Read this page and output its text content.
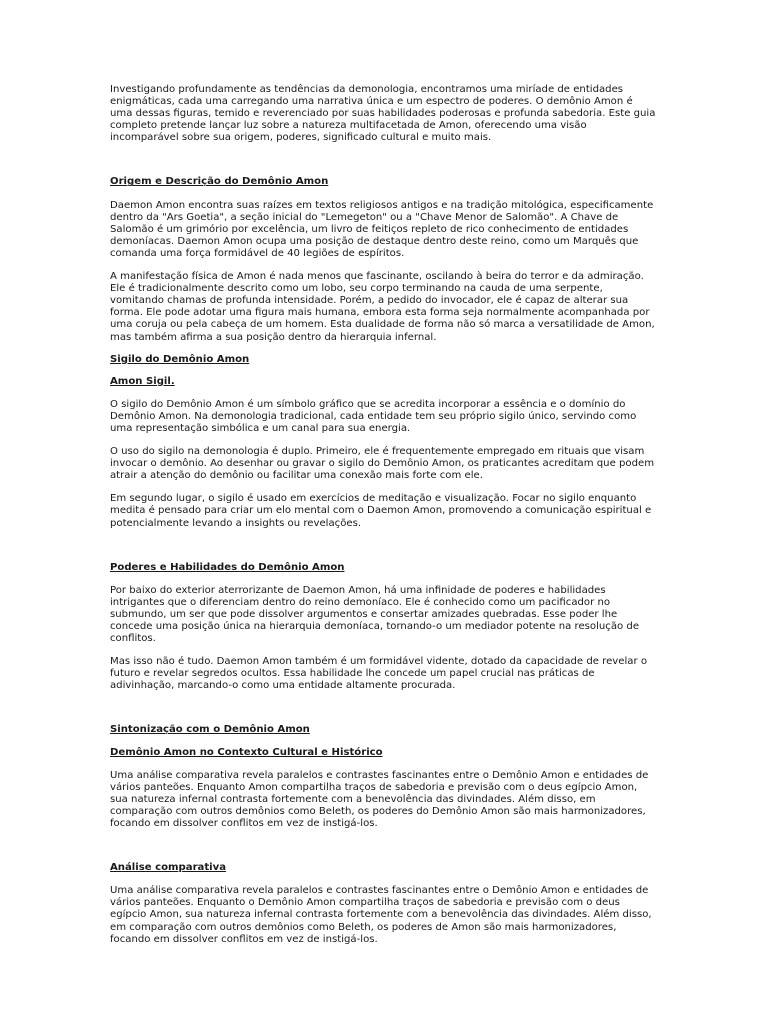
Investigando profundamente as tendências da demonologia, encontramos uma miríade de entidades enigmáticas, cada uma carregando uma narrativa única e um espectro de poderes. O demônio Amon é uma dessas figuras, temido e reverenciado por suas habilidades poderosas e profunda sabedoria. Este guia completo pretende lançar luz sobre a natureza multifacetada de Amon, oferecendo uma visão incomparável sobre sua origem, poderes, significado cultural e muito mais.

Origem e Descrição do Demônio Amon

Daemon Amon encontra suas raízes em textos religiosos antigos e na tradição mitológica, especificamente dentro da "Ars Goetia", a seção inicial do "Lemegeton" ou a "Chave Menor de Salomão". A Chave de Salomão é um grimório por excelência, um livro de feitiços repleto de rico conhecimento de entidades demoníacas. Daemon Amon ocupa uma posição de destaque dentro deste reino, como um Marquês que comanda uma força formidável de 40 legiões de espíritos.

A manifestação física de Amon é nada menos que fascinante, oscilando à beira do terror e da admiração. Ele é tradicionalmente descrito como um lobo, seu corpo terminando na cauda de uma serpente, vomitando chamas de profunda intensidade. Porém, a pedido do invocador, ele é capaz de alterar sua forma. Ele pode adotar uma figura mais humana, embora esta forma seja normalmente acompanhada por uma coruja ou pela cabeça de um homem. Esta dualidade de forma não só marca a versatilidade de Amon, mas também afirma a sua posição dentro da hierarquia infernal.

Sigilo do Demônio Amon

Amon Sigil.

O sigilo do Demônio Amon é um símbolo gráfico que se acredita incorporar a essência e o domínio do Demônio Amon. Na demonologia tradicional, cada entidade tem seu próprio sigilo único, servindo como uma representação simbólica e um canal para sua energia.

O uso do sigilo na demonologia é duplo. Primeiro, ele é frequentemente empregado em rituais que visam invocar o demônio. Ao desenhar ou gravar o sigilo do Demônio Amon, os praticantes acreditam que podem atrair a atenção do demônio ou facilitar uma conexão mais forte com ele.

Em segundo lugar, o sigilo é usado em exercícios de meditação e visualização. Focar no sigilo enquanto medita é pensado para criar um elo mental com o Daemon Amon, promovendo a comunicação espiritual e potencialmente levando a insights ou revelações.

Poderes e Habilidades do Demônio Amon

Por baixo do exterior aterrorizante de Daemon Amon, há uma infinidade de poderes e habilidades intrigantes que o diferenciam dentro do reino demoníaco. Ele é conhecido como um pacificador no submundo, um ser que pode dissolver argumentos e consertar amizades quebradas. Esse poder lhe concede uma posição única na hierarquia demoníaca, tornando-o um mediador potente na resolução de conflitos.

Mas isso não é tudo. Daemon Amon também é um formidável vidente, dotado da capacidade de revelar o futuro e revelar segredos ocultos. Essa habilidade lhe concede um papel crucial nas práticas de adivinhação, marcando-o como uma entidade altamente procurada.

Sintonização com o Demônio Amon

Demônio Amon no Contexto Cultural e Histórico

Uma análise comparativa revela paralelos e contrastes fascinantes entre o Demônio Amon e entidades de vários panteões. Enquanto Amon compartilha traços de sabedoria e previsão com o deus egípcio Amon, sua natureza infernal contrasta fortemente com a benevolência das divindades. Além disso, em comparação com outros demônios como Beleth, os poderes do Demônio Amon são mais harmonizadores, focando em dissolver conflitos em vez de instigá-los.

Análise comparativa

Uma análise comparativa revela paralelos e contrastes fascinantes entre o Demônio Amon e entidades de vários panteões. Enquanto o Demônio Amon compartilha traços de sabedoria e previsão com o deus egípcio Amon, sua natureza infernal contrasta fortemente com a benevolência das divindades. Além disso, em comparação com outros demônios como Beleth, os poderes de Amon são mais harmonizadores, focando em dissolver conflitos em vez de instigá-los.
